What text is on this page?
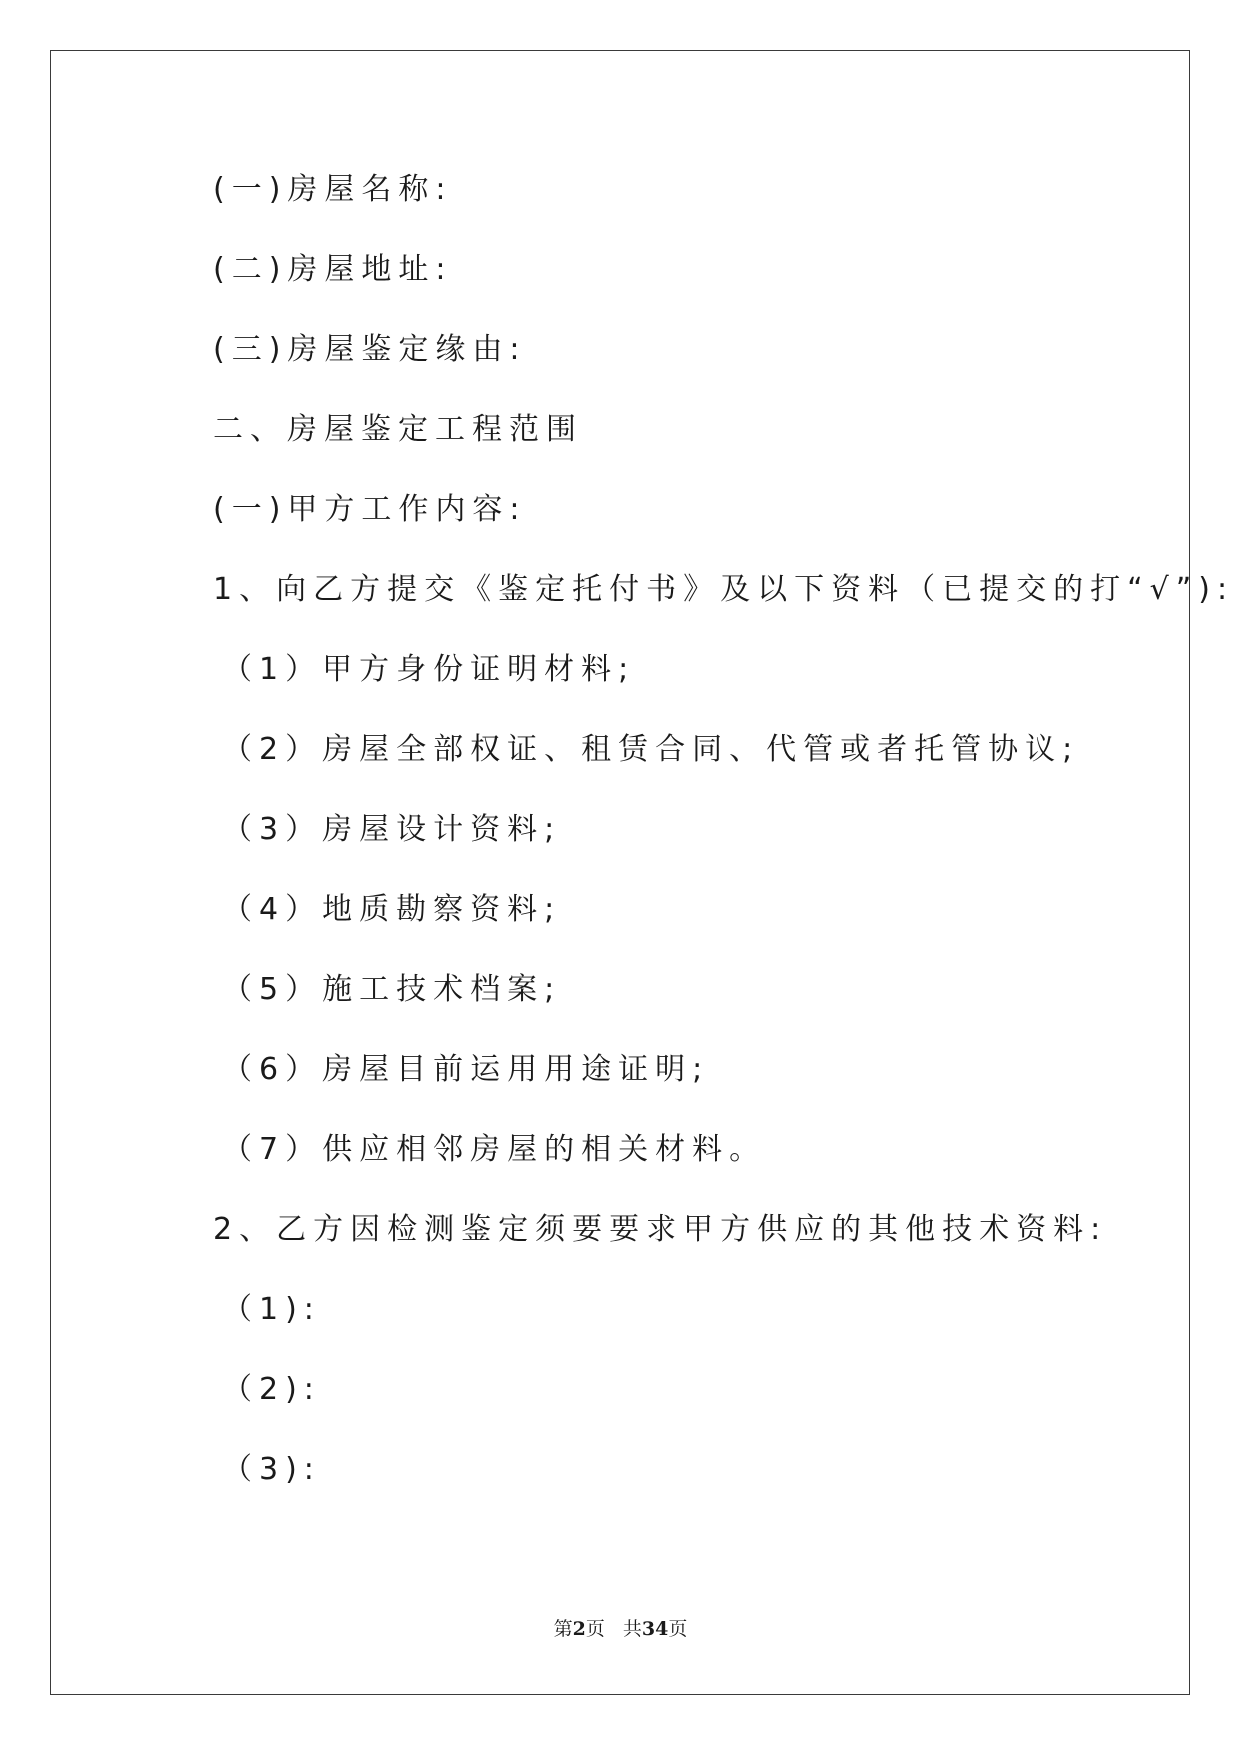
(一)房屋名称:

(二)房屋地址:

(三)房屋鉴定缘由:

二、房屋鉴定工程范围

(一)甲方工作内容:

1、向乙方提交《鉴定托付书》及以下资料（已提交的打“√”):

（1）甲方身份证明材料;

（2）房屋全部权证、租赁合同、代管或者托管协议;

（3）房屋设计资料;

（4）地质勘察资料;

（5）施工技术档案;

（6）房屋目前运用用途证明;

（7）供应相邻房屋的相关材料。

2、乙方因检测鉴定须要要求甲方供应的其他技术资料:

（1):

（2):

（3):

第2页 共34页
